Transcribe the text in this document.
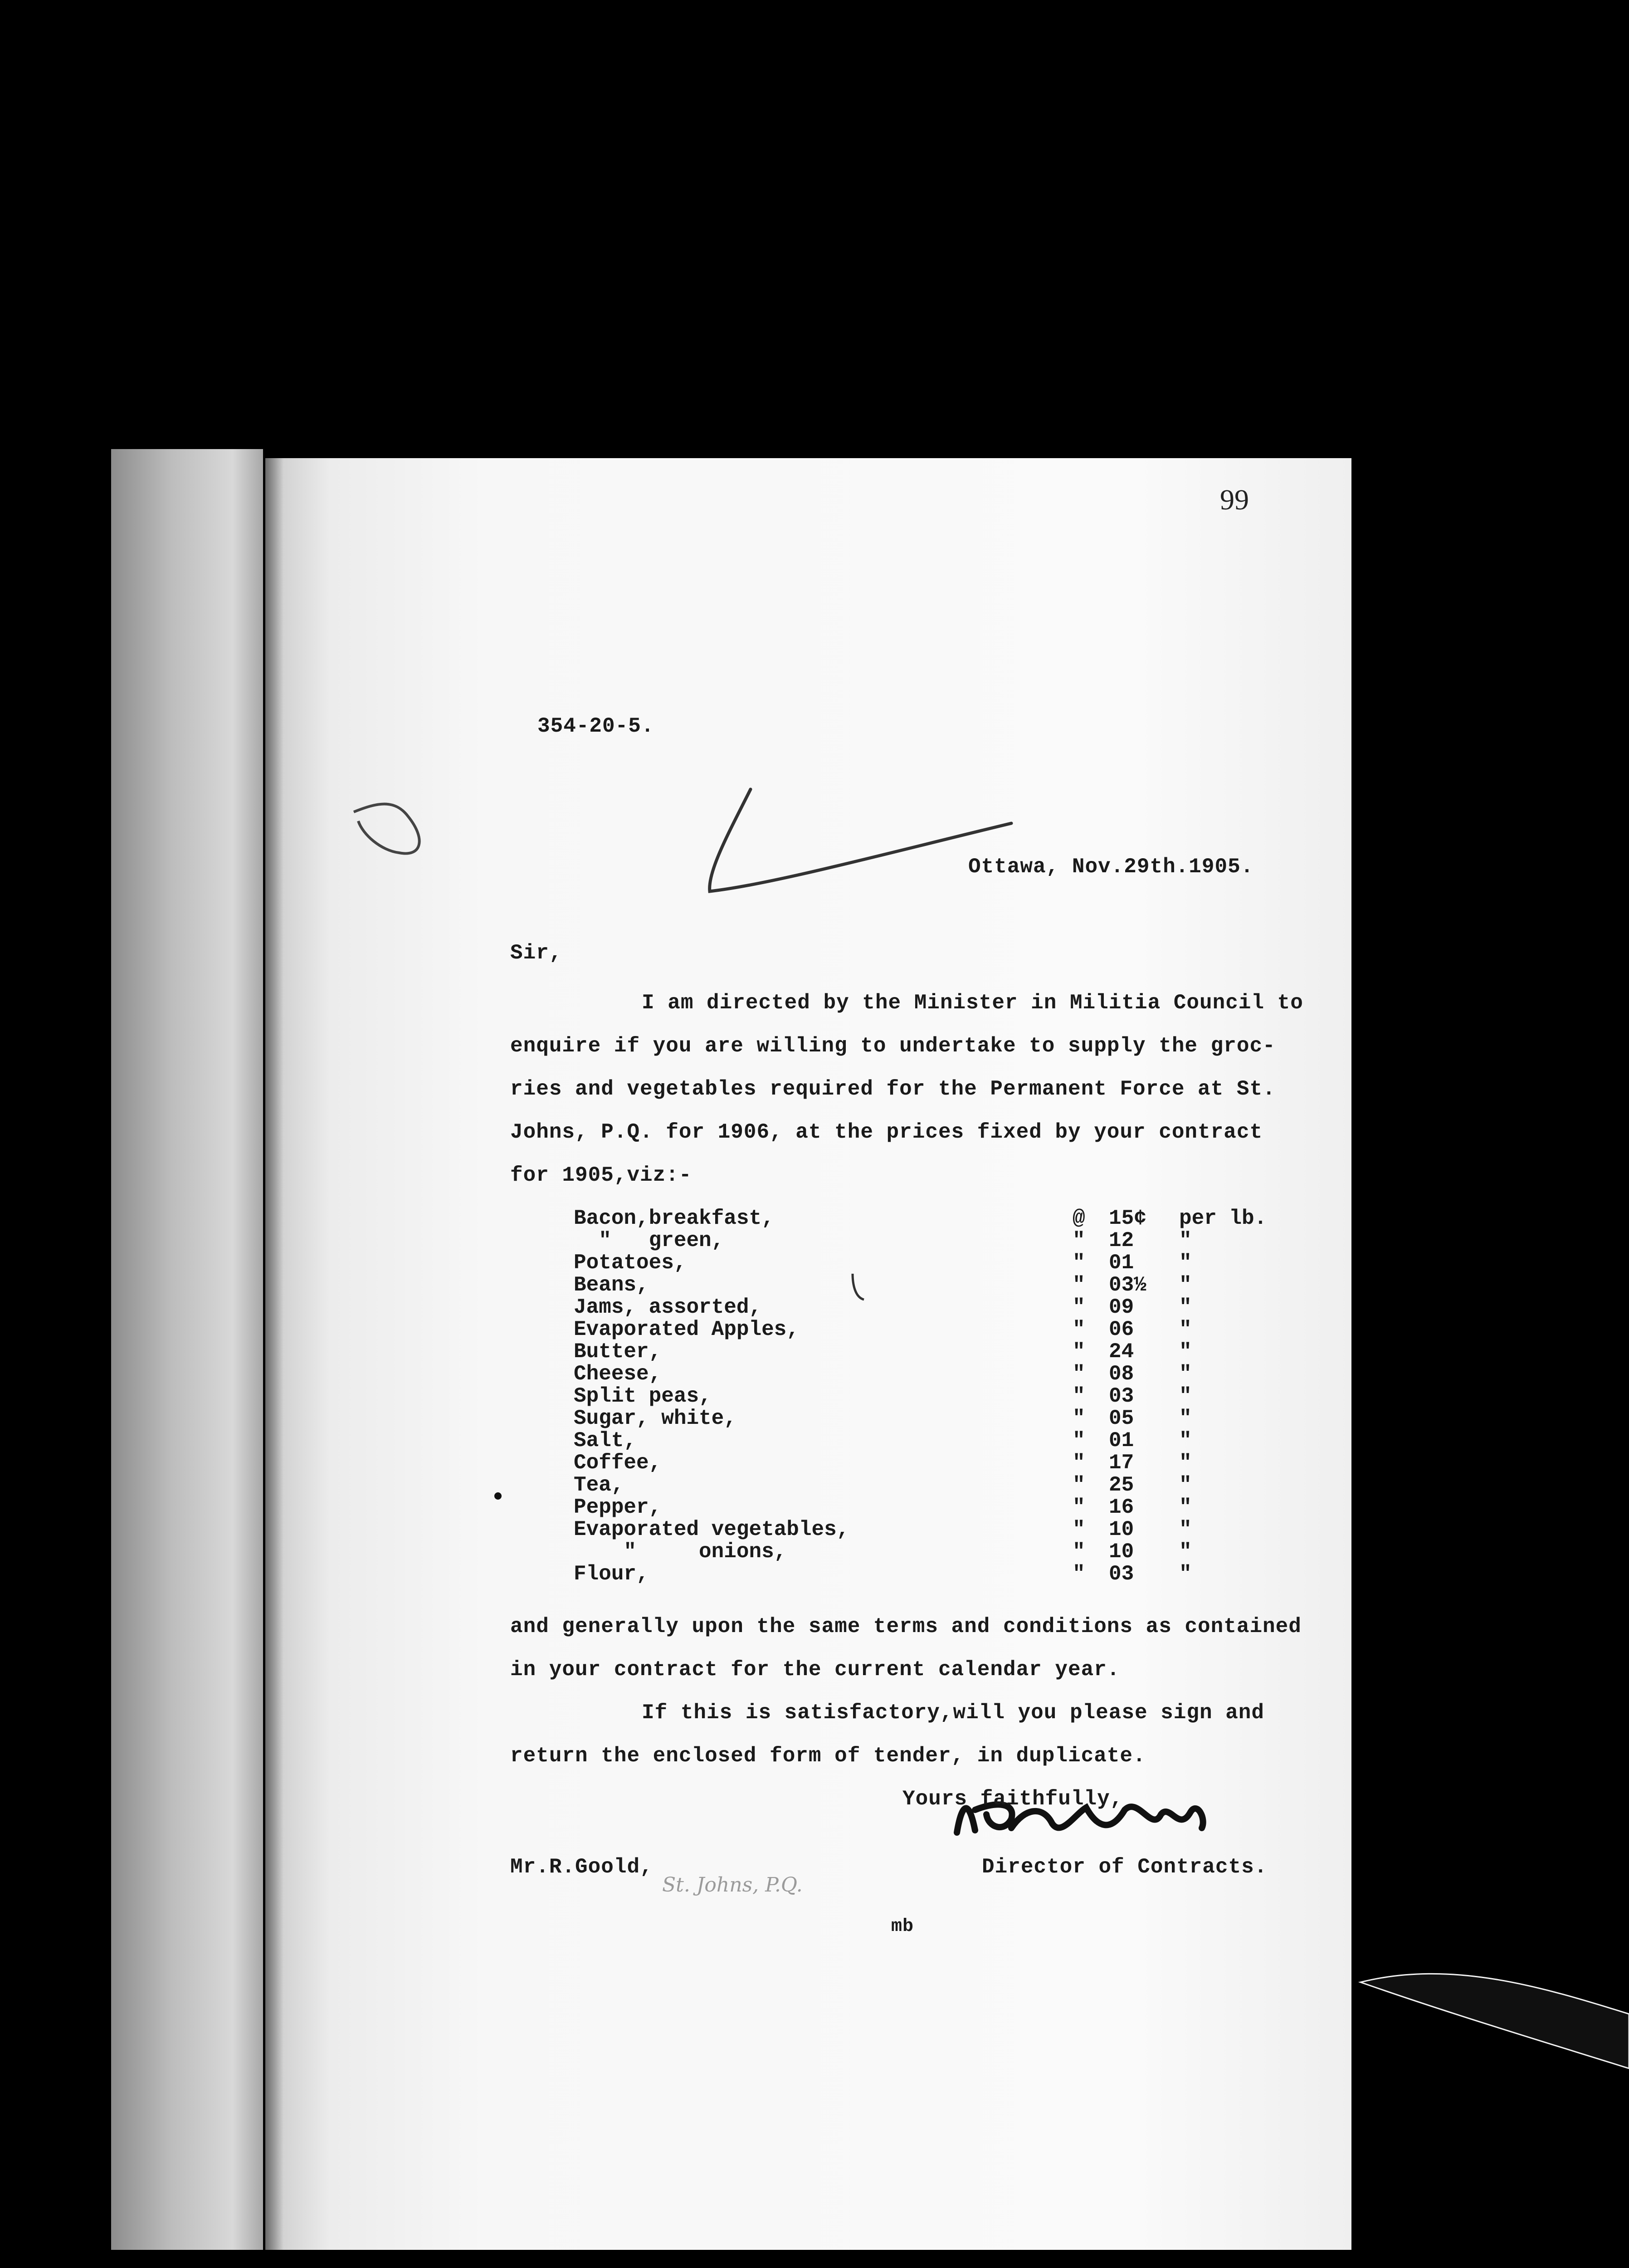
99
354-20-5.
Ottawa, Nov.29th.1905.
Sir,
I am directed by the Minister in Militia Council to
enquire if you are willing to undertake to supply the groc-
ries and vegetables required for the Permanent Force at St.
Johns, P.Q. for 1906, at the prices fixed by your contract
for 1905,viz:-
Bacon,breakfast,	@ 15¢ per lb.
"   green,	" 12 "
Potatoes,	" 01 "
Beans,	" 03½ "
Jams, assorted,	" 09 "
Evaporated Apples,	" 06 "
Butter,	" 24 "
Cheese,	" 08 "
Split peas,	" 03 "
Sugar, white,	" 05 "
Salt,	" 01 "
Coffee,	" 17 "
Tea,	" 25 "
Pepper,	" 16 "
Evaporated vegetables,	" 10 "
"     onions,	" 10 "
Flour,	" 03 "
and generally upon the same terms and conditions as contained
in your contract for the current calendar year.
If this is satisfactory,will you please sign and
return the enclosed form of tender, in duplicate.
Yours faithfully,
Director of Contracts.
Mr.R.Goold,
St. Johns, P.Q.
mb
